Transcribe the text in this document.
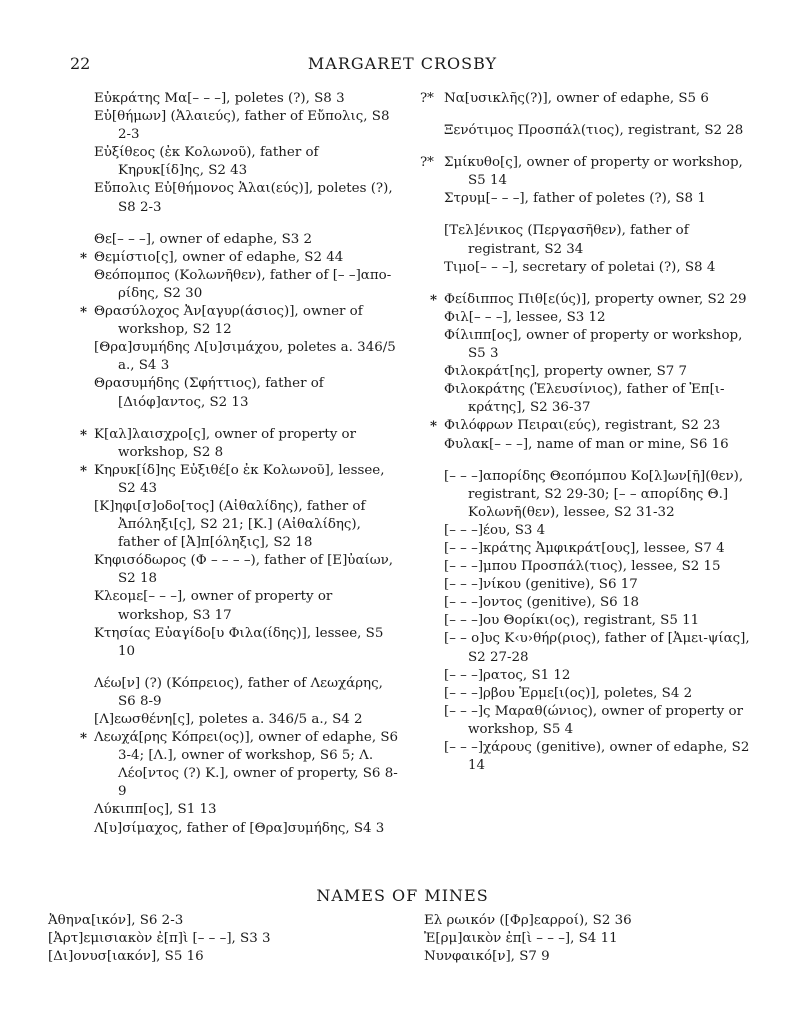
22	MARGARET CROSBY
Εὐκράτης Μα[– – –], poletes (?), S8 3
Εὐ[θήμων] (Ἁλαιεύς), father of Εὔπολις, S8 2-3
Εὐξίθεος (ἐκ Κολωνοῦ), father of Κηρυκ[ίδ]ης, S2 43
Εὔπολις Εὐ[θήμονος Ἁλαι(εύς)], poletes (?), S8 2-3
Θε[– – –], owner of edaphe, S3 2
* Θεμίστιο[ς], owner of edaphe, S2 44
Θεόπομπος (Κολωνῆθεν), father of [– –]απο-ρίδης, S2 30
* Θρασύλοχος Ἀν[αγυρ(άσιος)], owner of workshop, S2 12
[Θρα]συμήδης Λ[υ]σιμάχου, poletes a. 346/5 a., S4 3
Θρασυμήδης (Σφήττιος), father of [Διόφ]αντος, S2 13
* Κ[αλ]λαισχρο[ς], owner of property or workshop, S2 8
* Κηρυκ[ίδ]ης Εὐξιθέ[ο ἐκ Κολωνοῦ], lessee, S2 43
[Κ]ηφι[σ]οδο[τος] (Αἰθαλίδης), father of Ἀπόληξι[ς], S2 21; [Κ.] (Αἰθαλίδης), father of [Ἀ]π[όληξις], S2 18
Κηφισόδωρος (Φ – – – –), father of [Ε]ὐαίων, S2 18
Κλεομε[– – –], owner of property or workshop, S3 17
Κτησίας Εὐαγίδο[υ Φιλα(ίδης)], lessee, S5 10
Λέω[ν] (?) (Κόπρειος), father of Λεωχάρης, S6 8-9
[Λ]εωσθένη[ς], poletes a. 346/5 a., S4 2
* Λεωχά[ρης Κόπρει(ος)], owner of edaphe, S6 3-4; [Λ.], owner of workshop, S6 5; Λ. Λέο[ντος (?) Κ.], owner of property, S6 8-9
Λύκιππ[ος], S1 13
Λ[υ]σίμαχος, father of [Θρα]συμήδης, S4 3
?* Να[υσικλῆς(?)], owner of edaphe, S5 6
Ξενότιμος Προσπάλ(τιος), registrant, S2 28
?* Σμίκυθο[ς], owner of property or workshop, S5 14
Στρυμ[– – –], father of poletes (?), S8 1
[Τελ]ένικος (Περγασῆθεν), father of registrant, S2 34
Τιμο[– – –], secretary of poletai (?), S8 4
* Φείδιππος Πιθ[ε(ύς)], property owner, S2 29
Φιλ[– – –], lessee, S3 12
Φίλιππ[ος], owner of property or workshop, S5 3
Φιλοκράτ[ης], property owner, S7 7
Φιλοκράτης (Ἐλευσίνιος), father of Ἐπ[ι-κράτης], S2 36-37
* Φιλόφρων Πειραι(εύς), registrant, S2 23
Φυλακ[– – –], name of man or mine, S6 16
[– – –]απορίδης Θεοπόμπου Κο[λ]ων[ῆ](θεν), registrant, S2 29-30; [– – απορίδης Θ.] Κολωνῆ(θεν), lessee, S2 31-32
[– – –]έου, S3 4
[– – –]κράτης Ἀμφικράτ[ους], lessee, S7 4
[– – –]μπου Προσπάλ(τιος), lessee, S2 15
[– – –]νίκου (genitive), S6 17
[– – –]οντος (genitive), S6 18
[– – –]ου Θορίκι(ος), registrant, S5 11
[– – ο]υς Κ‹υ›θήρ(ριος), father of [Ἀμει-ψίας], S2 27-28
[– – –]ρατος, S1 12
[– – –]ρβου Ἑρμε[ι(ος)], poletes, S4 2
[– – –]ς Μαραθ(ώνιος), owner of property or workshop, S5 4
[– – –]χάρους (genitive), owner of edaphe, S2 14
NAMES OF MINES
Ἀθηνα[ικόν], S6 2-3
[Ἀρτ]εμισιακὸν ἐ[π]ὶ [– – –], S3 3
[Δι]ονυσ[ιακόν], S5 16
Ελ ρωικόν ([Φρ]εαρροί), S2 36
Ἐ[ρμ]αικὸν ἐπ[ὶ – – –], S4 11
Νυνφαικό[ν], S7 9
